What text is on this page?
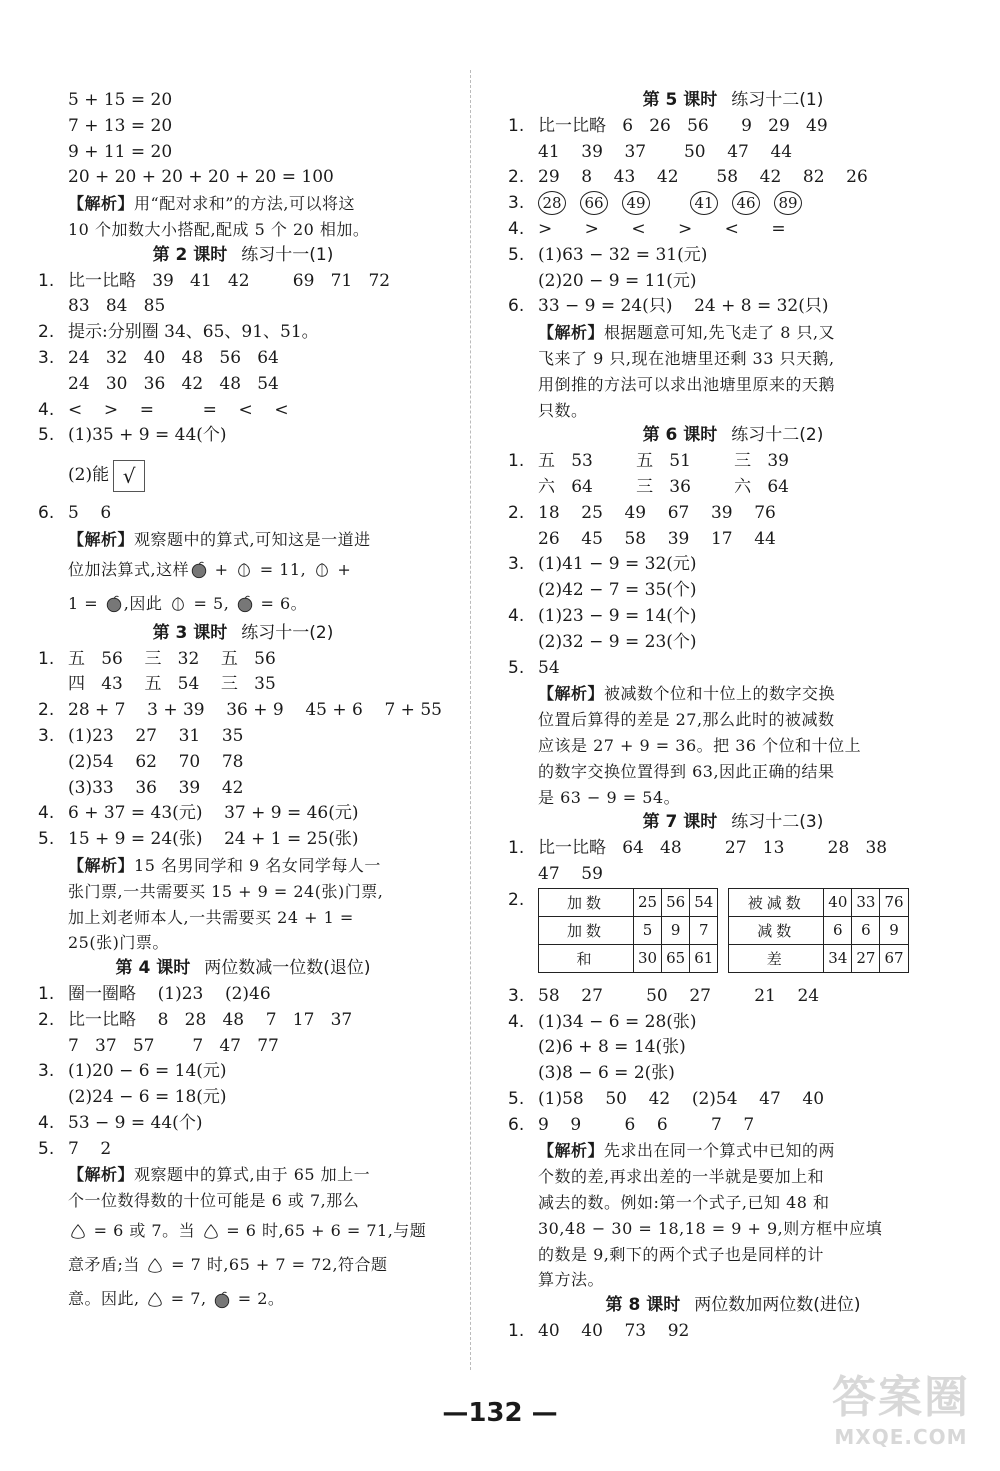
5 + 15 = 20
7 + 13 = 20
9 + 11 = 20
20 + 20 + 20 + 20 + 20 = 100
【解析】用“配对求和”的方法,可以将这
10 个加数大小搭配,配成 5 个 20 相加。
第 2 课时 练习十一(1)
1. 比一比略   39   41   42        69   71   72
83   84   85
2. 提示:分别圈 34、65、91、51。
3. 24   32   40   48   56   64
24   30   36   42   48   54
4. <    >    =         =    <    <
5. (1)35 + 9 = 44(个)
(2)能 √
6. 5    6
【解析】观察题中的算式,可知这是一道进
位加法算式,这样 +  = 11,  +
1 = ,因此  = 5,  = 6。
第 3 课时 练习十一(2)
1. 五   56    三   32    五   56
四   43    五   54    三   35
2. 28 + 7    3 + 39    36 + 9    45 + 6    7 + 55
3. (1)23    27    31    35
(2)54    62    70    78
(3)33    36    39    42
4. 6 + 37 = 43(元)    37 + 9 = 46(元)
5. 15 + 9 = 24(张)    24 + 1 = 25(张)
【解析】15 名男同学和 9 名女同学每人一
张门票,一共需要买 15 + 9 = 24(张)门票,
加上刘老师本人,一共需要买 24 + 1 =
25(张)门票。
第 4 课时 两位数减一位数(退位)
1. 圈一圈略    (1)23    (2)46
2. 比一比略    8   28   48    7   17   37
7   37   57       7   47   77
3. (1)20 − 6 = 14(元)
(2)24 − 6 = 18(元)
4. 53 − 9 = 44(个)
5. 7    2
【解析】观察题中的算式,由于 65 加上一
个一位数得数的十位可能是 6 或 7,那么
= 6 或 7。当  = 6 时,65 + 6 = 71,与题
意矛盾;当  = 7 时,65 + 7 = 72,符合题
意。因此,  = 7,  = 2。
第 5 课时 练习十二(1)
1. 比一比略   6   26   56      9   29   49
41    39    37       50    47    44
2. 29    8    43    42       58    42    82    26
3. 28 66 49	41 46 89
4. >      >      <      >      <      =
5. (1)63 − 32 = 31(元)
(2)20 − 9 = 11(元)
6. 33 − 9 = 24(只)    24 + 8 = 32(只)
【解析】根据题意可知,先飞走了 8 只,又
飞来了 9 只,现在池塘里还剩 33 只天鹅,
用倒推的方法可以求出池塘里原来的天鹅
只数。
第 6 课时 练习十二(2)
1. 五   53        五   51        三   39
六   64        三   36        六   64
2. 18    25    49    67    39    76
26    45    58    39    17    44
3. (1)41 − 9 = 32(元)
(2)42 − 7 = 35(个)
4. (1)23 − 9 = 14(个)
(2)32 − 9 = 23(个)
5. 54
【解析】被减数个位和十位上的数字交换
位置后算得的差是 27,那么此时的被减数
应该是 27 + 9 = 36。把 36 个位和十位上
的数字交换位置得到 63,因此正确的结果
是 63 − 9 = 54。
第 7 课时 练习十二(3)
1. 比一比略   64   48        27   13        28   38
47    59
2.	加数	25	56	54
加数	5	9	7
和	30	65	61
被减数	40	33	76
减数	6	6	9
差	34	27	67
3. 58    27        50    27        21    24
4. (1)34 − 6 = 28(张)
(2)6 + 8 = 14(张)
(3)8 − 6 = 2(张)
5. (1)58    50    42    (2)54    47    40
6. 9    9        6    6        7    7
【解析】先求出在同一个算式中已知的两
个数的差,再求出差的一半就是要加上和
减去的数。例如:第一个式子,已知 48 和
30,48 − 30 = 18,18 = 9 + 9,则方框中应填
的数是 9,剩下的两个式子也是同样的计
算方法。
第 8 课时 两位数加两位数(进位)
1. 40    40    73    92
—132 —	答案圈
MXQE.COM
